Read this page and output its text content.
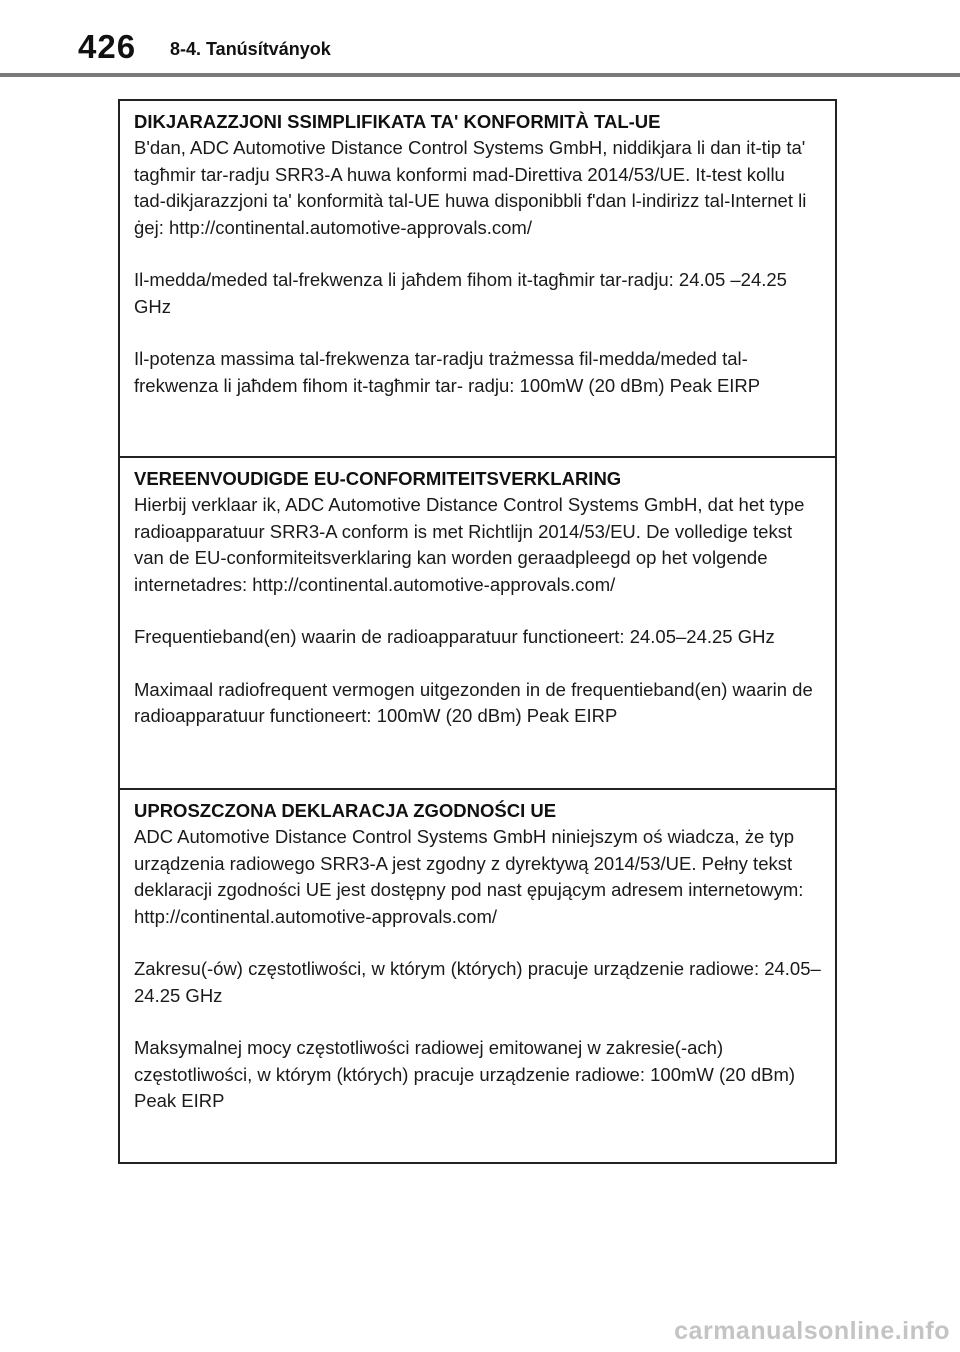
426 8-4. Tanúsítványok

DIKJARAZZJONI SSIMPLIFIKATA TA' KONFORMITÀ TAL-UE

B'dan, ADC Automotive Distance Control Systems GmbH, niddikjara li dan it-tip ta' tagħmir tar-radju SRR3-A huwa konformi mad-Direttiva 2014/53/UE. It-test kollu tad-dikjarazzjoni ta' konformità tal-UE huwa disponibbli f'dan l-indirizz tal-Internet li ġej: http://continental.automotive-approvals.com/

Il-medda/meded tal-frekwenza li jaħdem fihom it-tagħmir tar-radju: 24.05 –24.25 GHz

Il-potenza massima tal-frekwenza tar-radju trażmessa fil-medda/meded tal-frekwenza li jaħdem fihom it-tagħmir tar- radju: 100mW (20 dBm) Peak EIRP

VEREENVOUDIGDE EU-CONFORMITEITSVERKLARING

Hierbij verklaar ik, ADC Automotive Distance Control Systems GmbH, dat het type radioapparatuur SRR3-A conform is met Richtlijn 2014/53/EU. De volledige tekst van de EU-conformiteitsverklaring kan worden geraadpleegd op het volgende internetadres: http://continental.automotive-approvals.com/

Frequentieband(en) waarin de radioapparatuur functioneert: 24.05–24.25 GHz

Maximaal radiofrequent vermogen uitgezonden in de frequentieband(en) waarin de radioapparatuur functioneert: 100mW (20 dBm) Peak EIRP

UPROSZCZONA DEKLARACJA ZGODNOŚCI UE

ADC Automotive Distance Control Systems GmbH niniejszym oś wiadcza, że typ urządzenia radiowego SRR3-A jest zgodny z dyrektywą 2014/53/UE. Pełny tekst deklaracji zgodności UE jest dostępny pod nast ępującym adresem internetowym: http://continental.automotive-approvals.com/

Zakresu(-ów) częstotliwości, w którym (których) pracuje urządzenie radiowe: 24.05–24.25 GHz

Maksymalnej mocy częstotliwości radiowej emitowanej w zakresie(-ach) częstotliwości, w którym (których) pracuje urządzenie radiowe: 100mW (20 dBm) Peak EIRP

carmanualsonline.info
